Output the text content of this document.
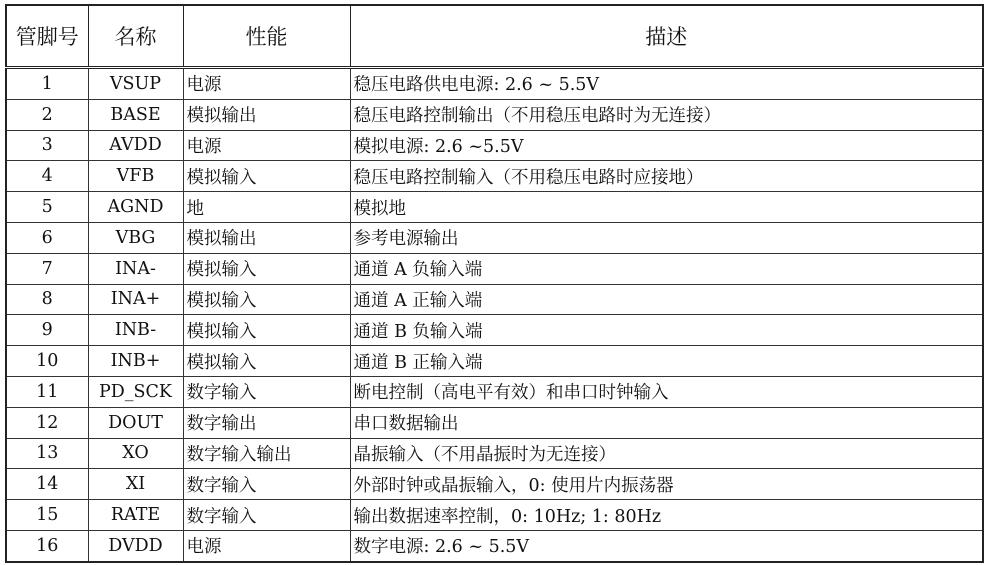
管脚号	名称	性能	描述
1	VSUP	电源	稳压电路供电电源: 2.6 ~ 5.5V
2	BASE	模拟输出	稳压电路控制输出（不用稳压电路时为无连接）
3	AVDD	电源	模拟电源: 2.6 ~5.5V
4	VFB	模拟输入	稳压电路控制输入（不用稳压电路时应接地）
5	AGND	地	模拟地
6	VBG	模拟输出	参考电源输出
7	INA-	模拟输入	通道 A 负输入端
8	INA+	模拟输入	通道 A 正输入端
9	INB-	模拟输入	通道 B 负输入端
10	INB+	模拟输入	通道 B 正输入端
11	PD_SCK	数字输入	断电控制（高电平有效）和串口时钟输入
12	DOUT	数字输出	串口数据输出
13	XO	数字输入输出	晶振输入（不用晶振时为无连接）
14	XI	数字输入	外部时钟或晶振输入，0: 使用片内振荡器
15	RATE	数字输入	输出数据速率控制，0: 10Hz; 1: 80Hz
16	DVDD	电源	数字电源: 2.6 ~ 5.5V
